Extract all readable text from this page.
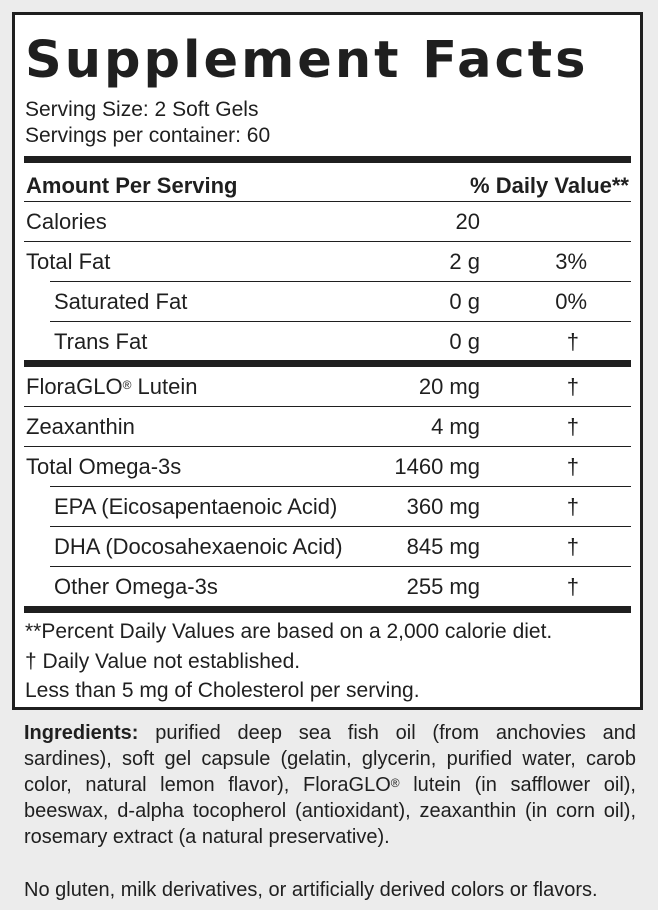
Supplement Facts
Serving Size: 2 Soft Gels
Servings per container: 60
Amount Per Serving	% Daily Value**
Calories	20
Total Fat	2 g	3%
Saturated Fat	0 g	0%
Trans Fat	0 g	†
FloraGLO® Lutein	20 mg	†
Zeaxanthin	4 mg	†
Total Omega-3s	1460 mg	†
EPA (Eicosapentaenoic Acid)	360 mg	†
DHA (Docosahexaenoic Acid)	845 mg	†
Other Omega-3s	255 mg	†
**Percent Daily Values are based on a 2,000 calorie diet.
† Daily Value not established.
Less than 5 mg of Cholesterol per serving.

Ingredients: purified deep sea fish oil (from anchovies and sardines), soft gel capsule (gelatin, glycerin, purified water, carob color, natural lemon flavor), FloraGLO® lutein (in safflower oil), beeswax, d-alpha tocopherol (antioxidant), zeaxanthin (in corn oil), rosemary extract (a natural preservative).

No gluten, milk derivatives, or artificially derived colors or flavors.
